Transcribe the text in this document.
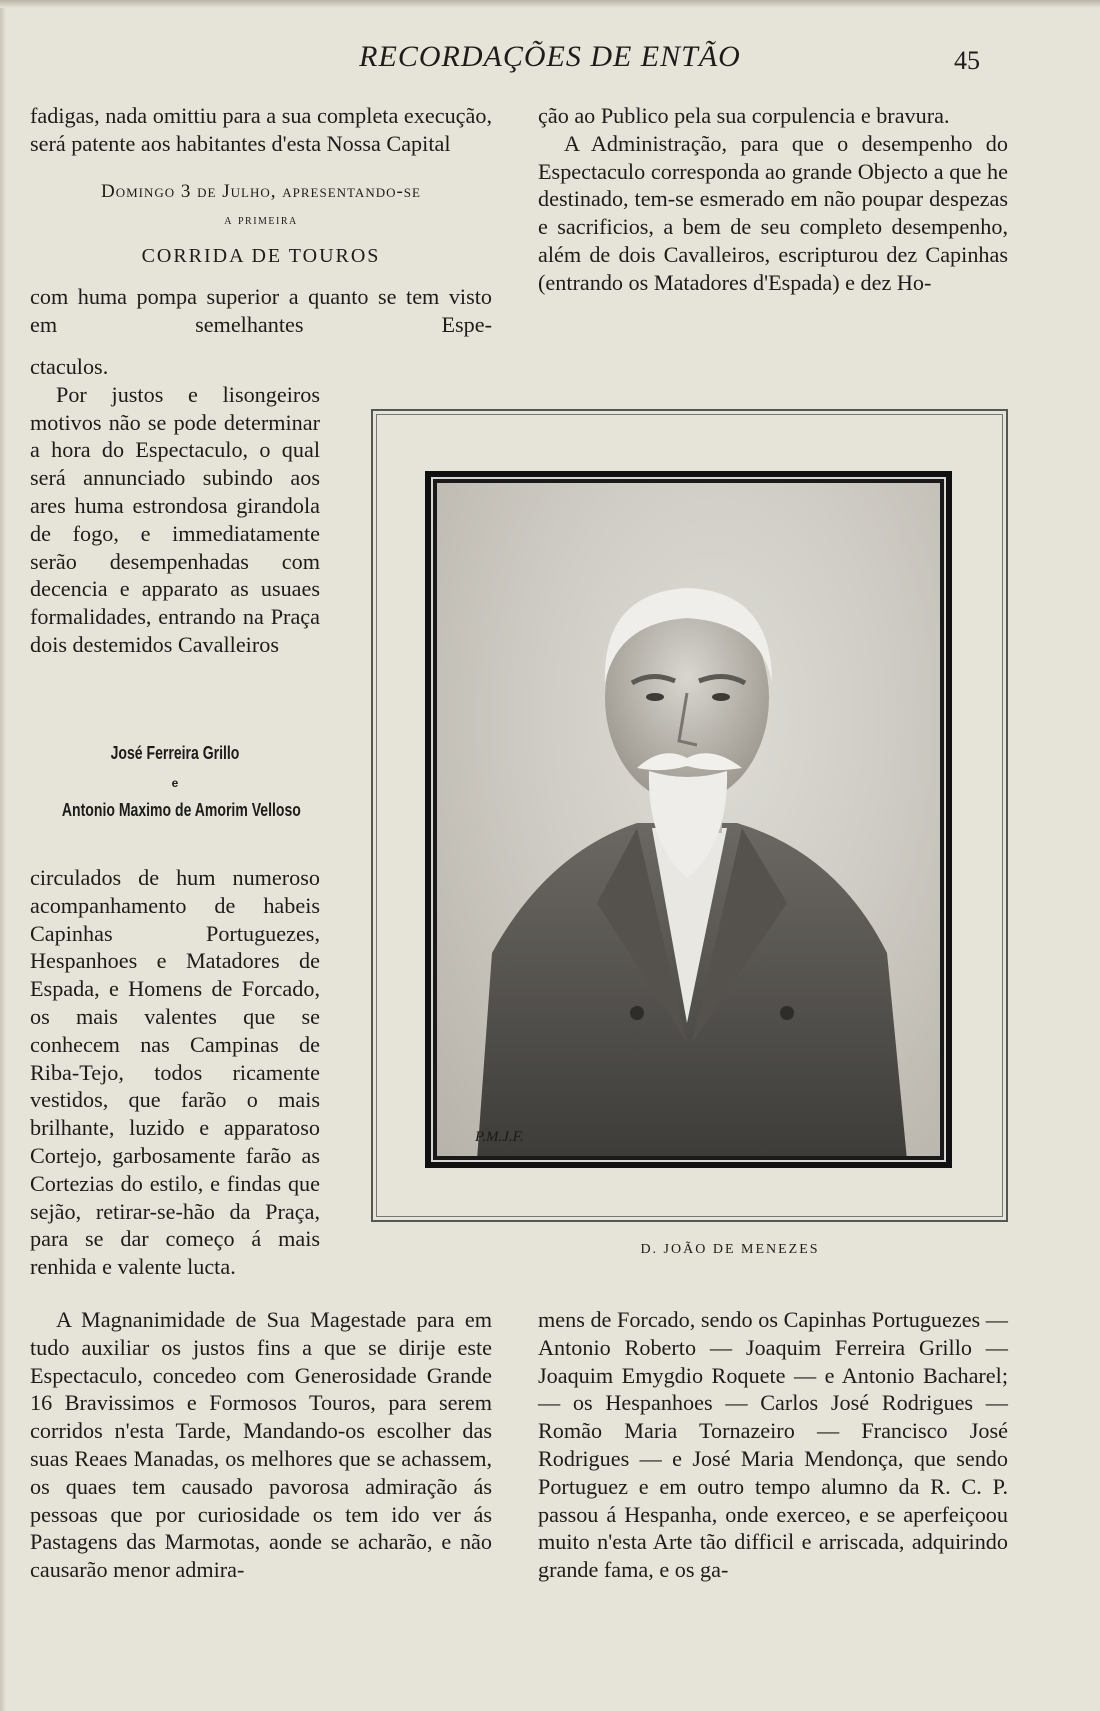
RECORDAÇÕES DE ENTÃO	45

fadigas, nada omittiu para a sua completa execução, será patente aos habitantes d'esta Nossa Capital

Domingo 3 de Julho, apresentando-se
a primeira
CORRIDA DE TOUROS

com huma pompa superior a quanto se tem visto em semelhantes Espe-

ctaculos.

Por justos e lisongeiros motivos não se pode determinar a hora do Espectaculo, o qual será annunciado subindo aos ares huma estrondosa girandola de fogo, e immediatamente serão desempenhadas com decencia e apparato as usuaes formalidades, entrando na Praça dois destemidos Cavalleiros

José Ferreira Grillo
e
Antonio Maximo de Amorim Velloso

circulados de hum numeroso acompanhamento de habeis Capinhas Portuguezes, Hespanhoes e Matadores de Espada, e Homens de Forcado, os mais valentes que se conhecem nas Campinas de Riba-Tejo, todos ricamente vestidos, que farão o mais brilhante, luzido e apparatoso Cortejo, garbosamente farão as Cortezias do estilo, e findas que sejão, retirar-se-hão da Praça, para se dar começo á mais renhida e valente lucta.

A Magnanimidade de Sua Magestade para em tudo auxiliar os justos fins a que se dirije este Espectaculo, concedeo com Generosidade Grande 16 Bravissimos e Formosos Touros, para serem corridos n'esta Tarde, Mandando-os escolher das suas Reaes Manadas, os melhores que se achassem, os quaes tem causado pavorosa admiração ás pessoas que por curiosidade os tem ido ver ás Pastagens das Marmotas, aonde se acharão, e não causarão menor admira-

ção ao Publico pela sua corpulencia e bravura.

A Administração, para que o desempenho do Espectaculo corresponda ao grande Objecto a que he destinado, tem-se esmerado em não poupar despezas e sacrificios, a bem de seu completo desempenho, além de dois Cavalleiros, escripturou dez Capinhas (entrando os Matadores d'Espada) e dez Ho-

mens de Forcado, sendo os Capinhas Portuguezes — Antonio Roberto — Joaquim Ferreira Grillo — Joaquim Emygdio Roquete — e Antonio Bacharel; — os Hespanhoes — Carlos José Rodrigues — Romão Maria Tornazeiro — Francisco José Rodrigues — e José Maria Mendonça, que sendo Portuguez e em outro tempo alumno da R. C. P. passou á Hespanha, onde exerceo, e se aperfeiçoou muito n'esta Arte tão difficil e arriscada, adquirindo grande fama, e os ga-

P.M.J.F.
D. JOÃO DE MENEZES
